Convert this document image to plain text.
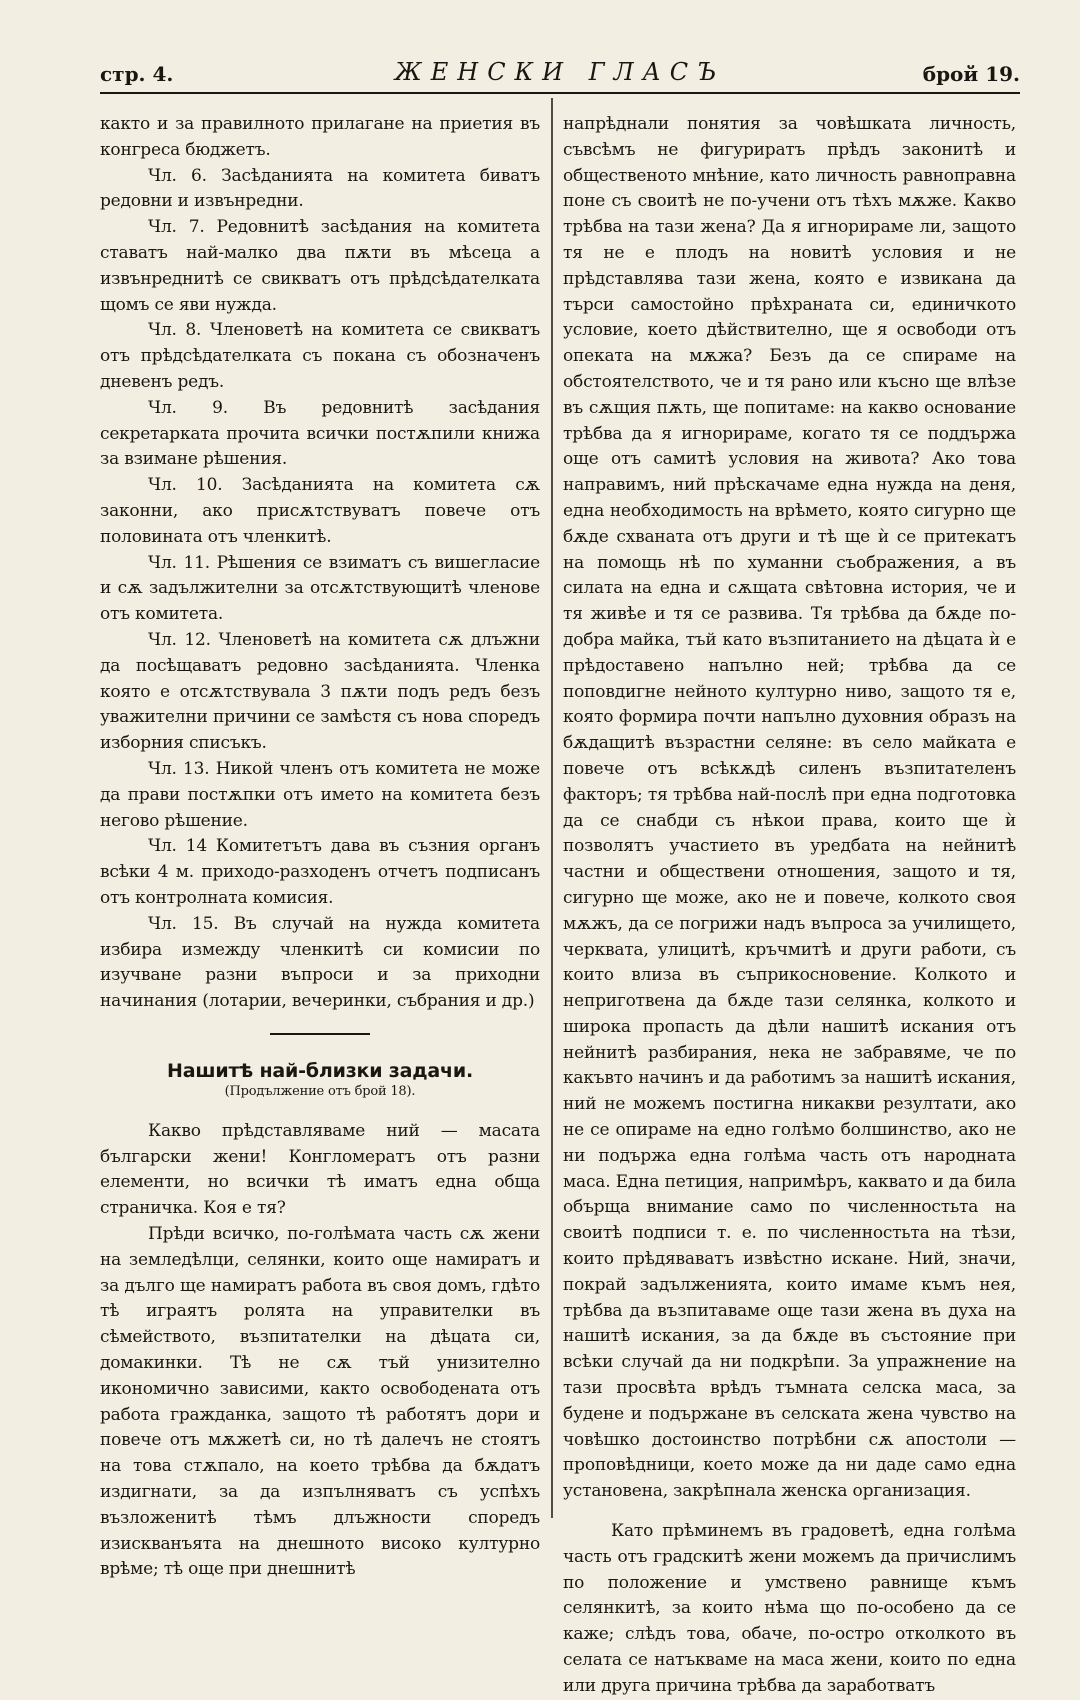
стр. 4.	ЖЕНСКИ ГЛАСЪ	брой 19.

както и за правилното прилагане на приетия въ конгреса бюджетъ.

Чл. 6. Засѣданията на комитета биватъ редовни и извънредни.

Чл. 7. Редовнитѣ засѣдания на комитета ставатъ най-малко два пѫти въ мѣсеца а извънреднитѣ се свикватъ отъ прѣдсѣдателката щомъ се яви нужда.

Чл. 8. Членоветѣ на комитета се свикватъ отъ прѣдсѣдателката съ покана съ обозначенъ дневенъ редъ.

Чл. 9. Въ редовнитѣ засѣдания секретарката прочита всички постѫпили книжа за взимане рѣшения.

Чл. 10. Засѣданията на комитета сѫ законни, ако присѫтствуватъ повече отъ половината отъ членкитѣ.

Чл. 11. Рѣшения се взиматъ съ вишегласие и сѫ задължителни за отсѫтствующитѣ членове отъ комитета.

Чл. 12. Членоветѣ на комитета сѫ длъжни да посѣщаватъ редовно засѣданията. Членка която е отсѫтствувала 3 пѫти подъ редъ безъ уважителни причини се замѣстя съ нова споредъ изборния списъкъ.

Чл. 13. Никой членъ отъ комитета не може да прави постѫпки отъ името на комитета безъ негово рѣшение.

Чл. 14 Комитетътъ дава въ съзния органъ всѣки 4 м. приходо-разходенъ отчетъ подписанъ отъ контролната комисия.

Чл. 15. Въ случай на нужда комитета избира измежду членкитѣ си комисии по изучване разни въпроси и за приходни начинания (лотарии, вечеринки, събрания и др.)

Нашитѣ най-близки задачи.
(Продължение отъ брой 18).

Какво прѣдставляваме ний — масата български жени! Конгломератъ отъ разни елементи, но всички тѣ иматъ една обща страничка. Коя е тя?

Прѣди всичко, по-голѣмата часть сѫ жени на земледѣлци, селянки, които още намиратъ и за дълго ще намиратъ работа въ своя домъ, гдѣто тѣ играятъ ролята на управителки въ сѣмейството, възпитателки на дѣцата си, домакинки. Тѣ не сѫ тъй унизително икономично зависими, както освободената отъ работа гражданка, защото тѣ работятъ дори и повече отъ мѫжетѣ си, но тѣ далечъ не стоятъ на това стѫпало, на което трѣбва да бѫдатъ издигнати, за да изпълняватъ съ успѣхъ възложенитѣ тѣмъ длъжности споредъ изискванъята на днешното високо културно врѣме; тѣ още при днешнитѣ

напрѣднали понятия за човѣшката личность, съвсѣмъ не фигуриратъ прѣдъ законитѣ и общественото мнѣние, като личность равноправна поне съ своитѣ не по-учени отъ тѣхъ мѫже. Какво трѣбва на тази жена? Да я игнорираме ли, защото тя не е плодъ на новитѣ условия и не прѣдставлява тази жена, която е извикана да търси самостойно прѣхраната си, единичкото условие, което дѣйствително, ще я освободи отъ опеката на мѫжа? Безъ да се спираме на обстоятелството, че и тя рано или късно ще влѣзе въ сѫщия пѫть, ще попитаме: на какво основание трѣбва да я игнорираме, когато тя се поддържа още отъ самитѣ условия на живота? Ако това направимъ, ний прѣскачаме една нужда на деня, една необходимость на врѣмето, която сигурно ще бѫде схваната отъ други и тѣ ще ѝ се притекатъ на помощь нѣ по хуманни съображения, а въ силата на една и сѫщата свѣтовна история, че и тя живѣе и тя се развива. Тя трѣбва да бѫде по-добра майка, тъй като възпитанието на дѣцата ѝ е прѣдоставено напълно ней; трѣбва да се поповдигне нейното културно ниво, защото тя е, която формира почти напълно духовния образъ на бѫдащитѣ възрастни селяне: въ село майката е повече отъ всѣкѫдѣ силенъ възпитателенъ факторъ; тя трѣбва най-послѣ при една подготовка да се снабди съ нѣкои права, които ще ѝ позволятъ участието въ уредбата на нейнитѣ частни и обществени отношения, защото и тя, сигурно ще може, ако не и повече, колкото своя мѫжъ, да се погрижи надъ въпроса за училището, черквата, улицитѣ, кръчмитѣ и други работи, съ които влиза въ съприкосновение. Колкото и неприготвена да бѫде тази селянка, колкото и широка пропасть да дѣли нашитѣ искания отъ нейнитѣ разбирания, нека не забравяме, че по какъвто начинъ и да работимъ за нашитѣ искания, ний не можемъ постигна никакви резултати, ако не се опираме на едно голѣмо болшинство, ако не ни подържа една голѣма часть отъ народната маса. Една петиция, напримѣръ, каквато и да била обърща внимание само по численностьта на своитѣ подписи т. е. по численностьта на тѣзи, които прѣдяваватъ извѣстно искане. Ний, значи, покрай задълженията, които имаме къмъ нея, трѣбва да възпитаваме още тази жена въ духа на нашитѣ искания, за да бѫде въ състояние при всѣки случай да ни подкрѣпи. За упражнение на тази просвѣта врѣдъ тъмната селска маса, за будене и подържане въ селската жена чувство на човѣшко достоинство потрѣбни сѫ апостоли — проповѣдници, което може да ни даде само една установена, закрѣпнала женска организация.

Като прѣминемъ въ градоветѣ, една голѣма часть отъ градскитѣ жени можемъ да причислимъ по положение и умствено равнище къмъ селянкитѣ, за които нѣма що по-особено да се каже; слѣдъ това, обаче, по-остро отколкото въ селата се натъкваме на маса жени, които по една или друга причина трѣбва да заработватъ
